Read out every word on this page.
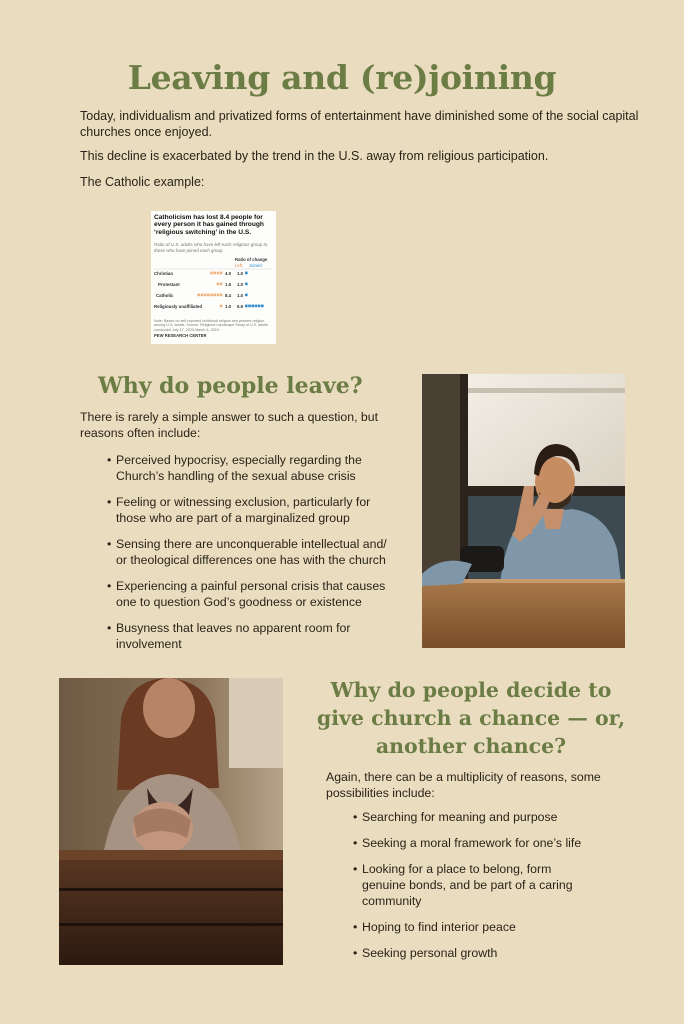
Leaving and (re)joining

Today, individualism and privatized forms of entertainment have diminished some of the social capital churches once enjoyed.

This decline is exacerbated by the trend in the U.S. away from religious participation.

The Catholic example:

Catholicism has lost 8.4 people for every person it has gained through ‘religious switching’ in the U.S.
Ratio of U.S. adults who have left each religious group to those who have joined each group
Ratio of change
Left Joined
Christian
Protestant
Catholic
Religiously unaffiliated
4.0
1.5
8.4
1.0
1.0
1.0
1.0
5.9
Note: Based on self-reported childhood religion and present religion among U.S. adults. Source: Religious Landscape Study of U.S. adults conducted July 17, 2023-March 4, 2024.
PEW RESEARCH CENTER
Why do people leave?

There is rarely a simple answer to such a question, but reasons often include:

• Perceived hypocrisy, especially regarding the Church’s handling of the sexual abuse crisis
• Feeling or witnessing exclusion, particularly for those who are part of a marginalized group
• Sensing there are unconquerable intellectual and/ or theological differences one has with the church
• Experiencing a painful personal crisis that causes one to question God’s goodness or existence
• Busyness that leaves no apparent room for involvement
Why do people decide to give church a chance — or, another chance?

Again, there can be a multiplicity of reasons, some possibilities include:

• Searching for meaning and purpose
• Seeking a moral framework for one’s life
• Looking for a place to belong, form genuine bonds, and be part of a caring community
• Hoping to find interior peace
• Seeking personal growth
